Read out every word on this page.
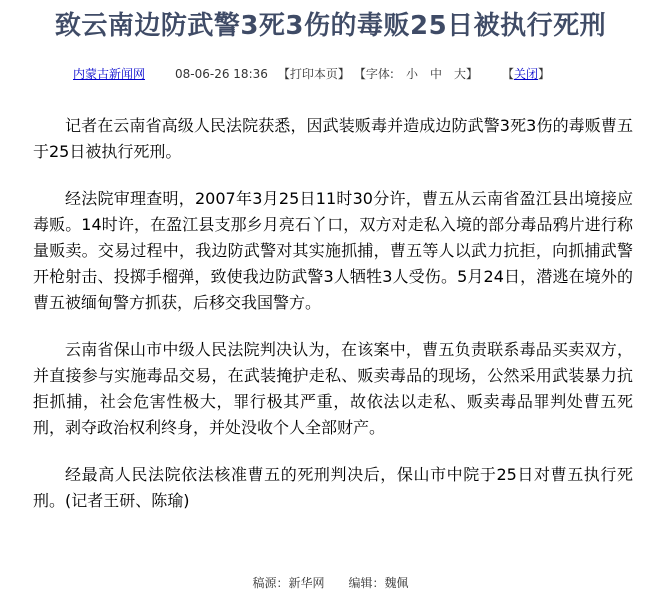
致云南边防武警3死3伤的毒贩25日被执行死刑
内蒙古新闻网	08-06-26 18:36 【打印本页】 【字体: 小 中 大】	【关闭】

记者在云南省高级人民法院获悉，因武装贩毒并造成边防武警3死3伤的毒贩曹五于25日被执行死刑。

经法院审理查明，2007年3月25日11时30分许，曹五从云南省盈江县出境接应毒贩。14时许，在盈江县支那乡月亮石丫口，双方对走私入境的部分毒品鸦片进行称量贩卖。交易过程中，我边防武警对其实施抓捕，曹五等人以武力抗拒，向抓捕武警开枪射击、投掷手榴弹，致使我边防武警3人牺牲3人受伤。5月24日，潜逃在境外的曹五被缅甸警方抓获，后移交我国警方。

云南省保山市中级人民法院判决认为，在该案中，曹五负责联系毒品买卖双方，并直接参与实施毒品交易，在武装掩护走私、贩卖毒品的现场，公然采用武装暴力抗拒抓捕，社会危害性极大，罪行极其严重，故依法以走私、贩卖毒品罪判处曹五死刑，剥夺政治权利终身，并处没收个人全部财产。

经最高人民法院依法核准曹五的死刑判决后，保山市中院于25日对曹五执行死刑。(记者王研、陈瑜)

稿源：新华网 编辑：魏佩
